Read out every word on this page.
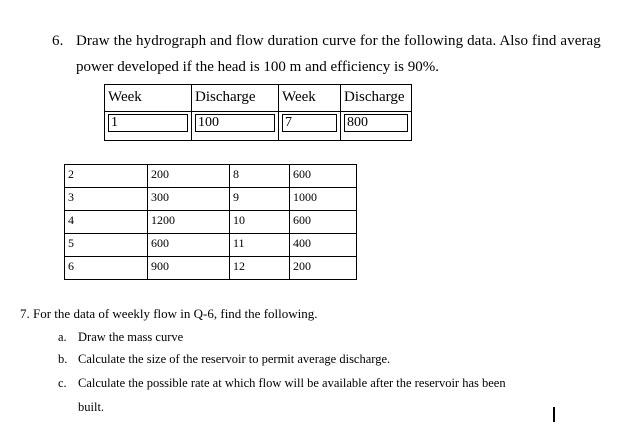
6. Draw the hydrograph and flow duration curve for the following data. Also find averag
power developed if the head is 100 m and efficiency is 90%.
Week	Discharge	Week	Discharge

1	100	7	800
2	200	8	600
3	300	9	1000
4	1200	10	600
5	600	11	400
6	900	12	200
7. For the data of weekly flow in Q-6, find the following.
a. Draw the mass curve
b. Calculate the size of the reservoir to permit average discharge.
c. Calculate the possible rate at which flow will be available after the reservoir has been
built.
